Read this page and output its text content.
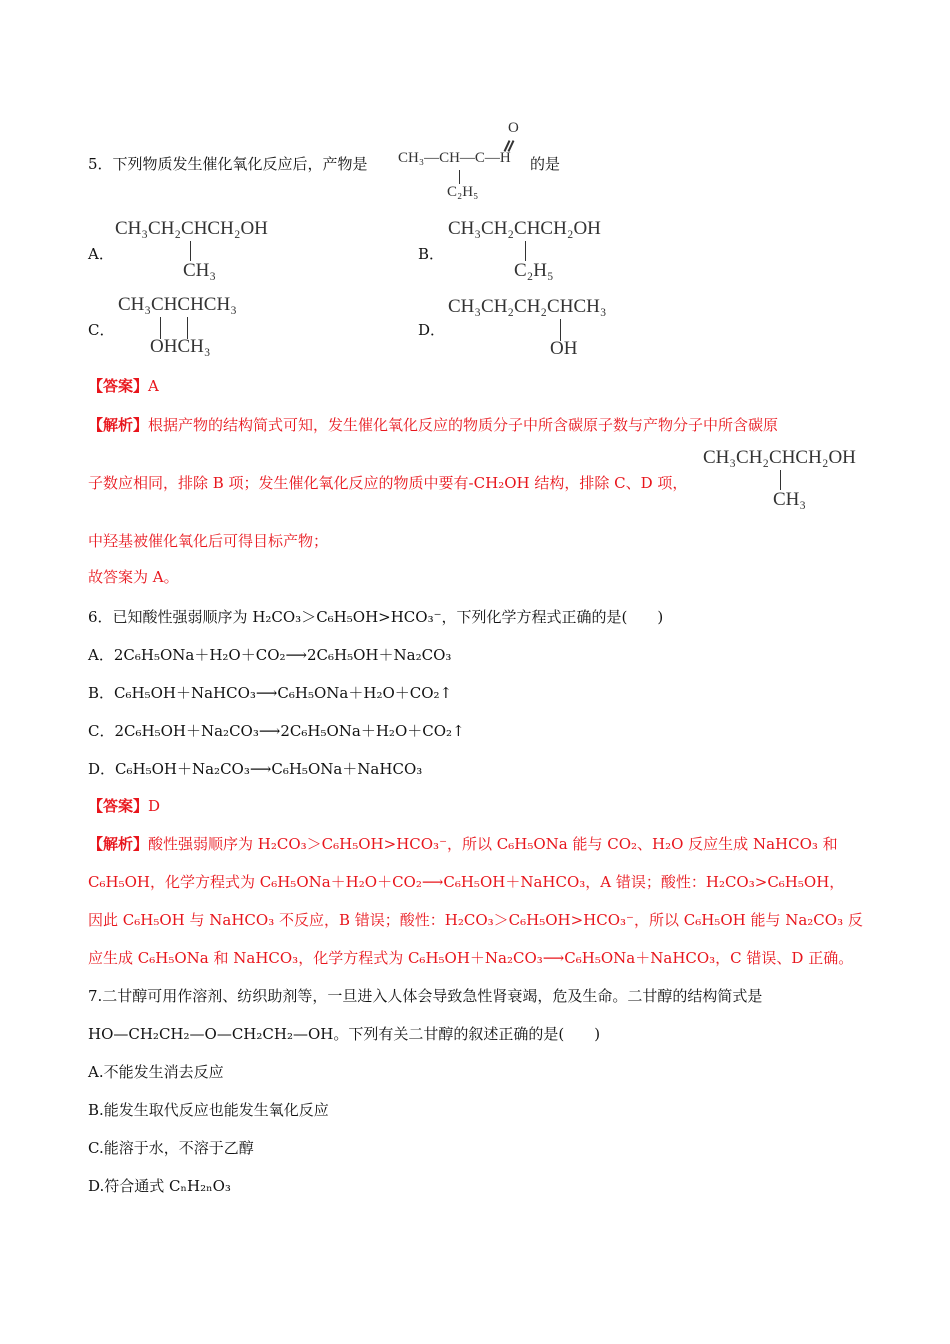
5．下列物质发生催化氧化反应后，产物是
O
CH₃—CH—C—H
C₂H₅
的是
A．
CH₃CH₂CHCH₂OH
CH₃
B．
CH₃CH₂CHCH₂OH
C₂H₅
C．
CH₃CHCHCH₃
OHCH₃
D．
CH₃CH₂CH₂CHCH₃
OH
【答案】A
【解析】根据产物的结构简式可知，发生催化氧化反应的物质分子中所含碳原子数与产物分子中所含碳原
子数应相同，排除 B 项；发生催化氧化反应的物质中要有-CH₂OH 结构，排除 C、D 项，
CH₃CH₂CHCH₂OH
CH₃
中羟基被催化氧化后可得目标产物；
故答案为 A。
6．已知酸性强弱顺序为 H₂CO₃＞C₆H₅OH>HCO₃⁻，下列化学方程式正确的是(　　)
A．2C₆H₅ONa＋H₂O＋CO₂⟶2C₆H₅OH＋Na₂CO₃
B．C₆H₅OH＋NaHCO₃⟶C₆H₅ONa＋H₂O＋CO₂↑
C．2C₆H₅OH＋Na₂CO₃⟶2C₆H₅ONa＋H₂O＋CO₂↑
D．C₆H₅OH＋Na₂CO₃⟶C₆H₅ONa＋NaHCO₃
【答案】D
【解析】酸性强弱顺序为 H₂CO₃＞C₆H₅OH>HCO₃⁻，所以 C₆H₅ONa 能与 CO₂、H₂O 反应生成 NaHCO₃ 和
C₆H₅OH，化学方程式为 C₆H₅ONa＋H₂O＋CO₂⟶C₆H₅OH＋NaHCO₃，A 错误；酸性：H₂CO₃>C₆H₅OH，
因此 C₆H₅OH 与 NaHCO₃ 不反应，B 错误；酸性：H₂CO₃＞C₆H₅OH>HCO₃⁻，所以 C₆H₅OH 能与 Na₂CO₃ 反
应生成 C₆H₅ONa 和 NaHCO₃，化学方程式为 C₆H₅OH＋Na₂CO₃⟶C₆H₅ONa＋NaHCO₃，C 错误、D 正确。
7.二甘醇可用作溶剂、纺织助剂等，一旦进入人体会导致急性肾衰竭，危及生命。二甘醇的结构简式是
HO—CH₂CH₂—O—CH₂CH₂—OH。下列有关二甘醇的叙述正确的是(　　)
A.不能发生消去反应
B.能发生取代反应也能发生氧化反应
C.能溶于水，不溶于乙醇
D.符合通式 CₙH₂ₙO₃
